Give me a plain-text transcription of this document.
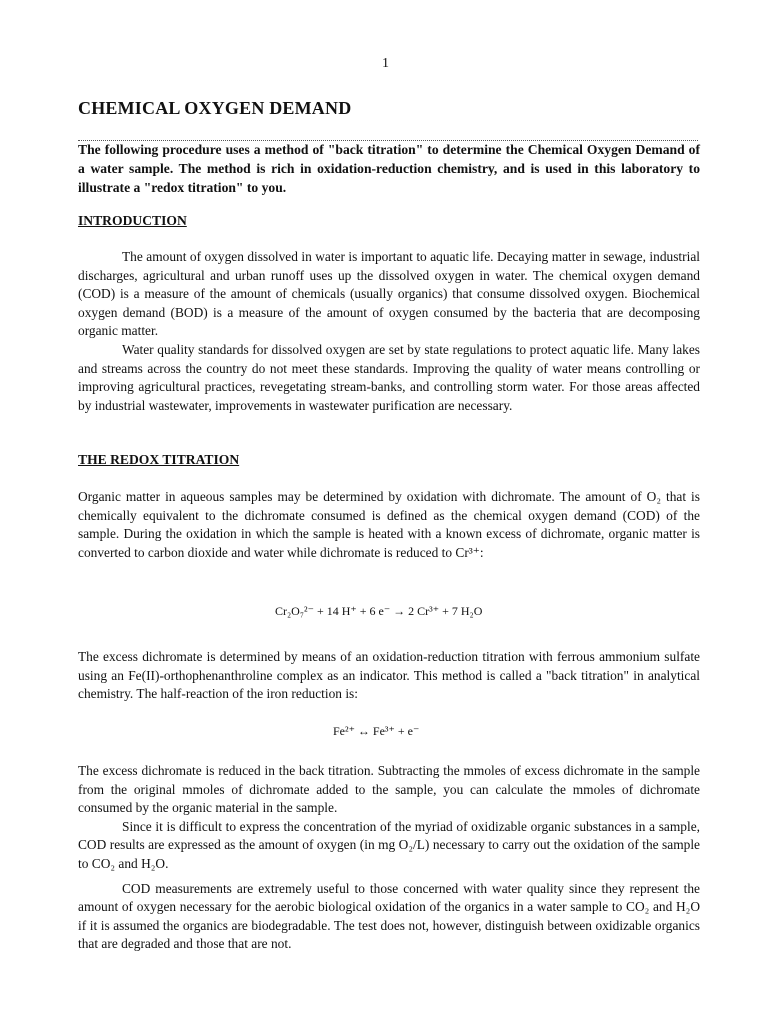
1
CHEMICAL OXYGEN DEMAND
The following procedure uses a method of "back titration" to determine the Chemical Oxygen Demand of a water sample. The method is rich in oxidation-reduction chemistry, and is used in this laboratory to illustrate a "redox titration" to you.
INTRODUCTION

The amount of oxygen dissolved in water is important to aquatic life. Decaying matter in sewage, industrial discharges, agricultural and urban runoff uses up the dissolved oxygen in water. The chemical oxygen demand (COD) is a measure of the amount of chemicals (usually organics) that consume dissolved oxygen. Biochemical oxygen demand (BOD) is a measure of the amount of oxygen consumed by the bacteria that are decomposing organic matter.

Water quality standards for dissolved oxygen are set by state regulations to protect aquatic life. Many lakes and streams across the country do not meet these standards. Improving the quality of water means controlling or improving agricultural practices, revegetating stream-banks, and controlling storm water. For those areas affected by industrial wastewater, improvements in wastewater purification are necessary.

THE REDOX TITRATION
Organic matter in aqueous samples may be determined by oxidation with dichromate. The amount of O₂ that is chemically equivalent to the dichromate consumed is defined as the chemical oxygen demand (COD) of the sample. During the oxidation in which the sample is heated with a known excess of dichromate, organic matter is converted to carbon dioxide and water while dichromate is reduced to Cr³⁺:
Cr₂O₇²⁻ + 14 H⁺ + 6 e⁻ → 2 Cr³⁺ + 7 H₂O
The excess dichromate is determined by means of an oxidation-reduction titration with ferrous ammonium sulfate using an Fe(II)-orthophenanthroline complex as an indicator. This method is called a "back titration" in analytical chemistry. The half-reaction of the iron reduction is:
Fe²⁺ ↔ Fe³⁺ + e⁻

The excess dichromate is reduced in the back titration. Subtracting the mmoles of excess dichromate in the sample from the original mmoles of dichromate added to the sample, you can calculate the mmoles of dichromate consumed by the organic material in the sample.

Since it is difficult to express the concentration of the myriad of oxidizable organic substances in a sample, COD results are expressed as the amount of oxygen (in mg O₂/L) necessary to carry out the oxidation of the sample to CO₂ and H₂O.

COD measurements are extremely useful to those concerned with water quality since they represent the amount of oxygen necessary for the aerobic biological oxidation of the organics in a water sample to CO₂ and H₂O if it is assumed the organics are biodegradable. The test does not, however, distinguish between oxidizable organics that are degraded and those that are not.
